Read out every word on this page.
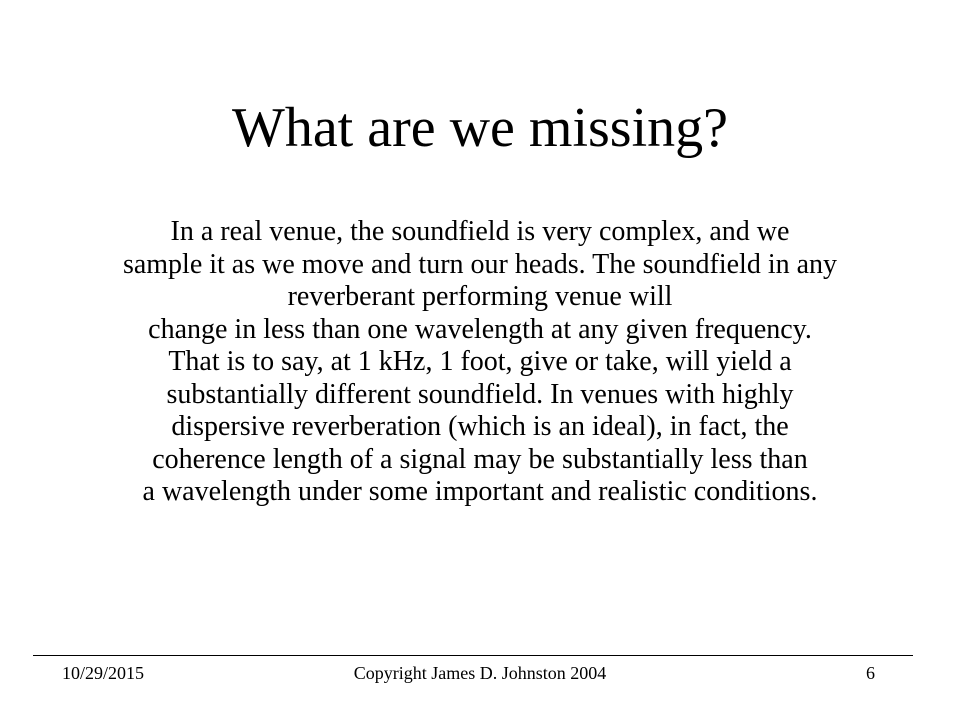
What are we missing?
In a real venue, the soundfield is very complex, and we
sample it as we move and turn our heads. The soundfield in any
reverberant performing venue will
change in less than one wavelength at any given frequency.
That is to say, at 1 kHz, 1 foot, give or take, will yield a
substantially different soundfield. In venues with highly
dispersive reverberation (which is an ideal), in fact, the
coherence length of a signal may be substantially less than
a wavelength under some important and realistic conditions.
10/29/2015	Copyright James D. Johnston 2004	6
